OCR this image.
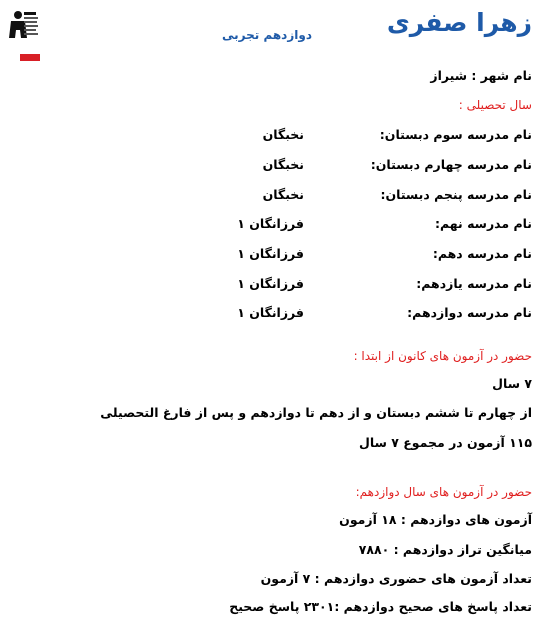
زهرا صفری
دوازدهم تجربی
نام شهر : شیراز
سال تحصیلی :
نام مدرسه سوم دبستان:
نخبگان
نام مدرسه چهارم دبستان:
نخبگان
نام مدرسه پنجم دبستان:
نخبگان
نام مدرسه نهم:
فرزانگان ۱
نام مدرسه دهم:
فرزانگان ۱
نام مدرسه یازدهم:
فرزانگان ۱
نام مدرسه دوازدهم:
فرزانگان ۱
حضور در آزمون های کانون از ابتدا :
۷ سال
از چهارم تا ششم دبستان و از دهم تا دوازدهم و پس از فارغ التحصیلی
۱۱۵ آزمون در مجموع ۷ سال
حضور در آزمون های سال دوازدهم:
آزمون های دوازدهم : ۱۸ آزمون
میانگین تراز دوازدهم : ۷۸۸۰
تعداد آزمون های حضوری دوازدهم : ۷ آزمون
تعداد پاسخ های صحیح دوازدهم :۲۳۰۱ پاسخ صحیح
